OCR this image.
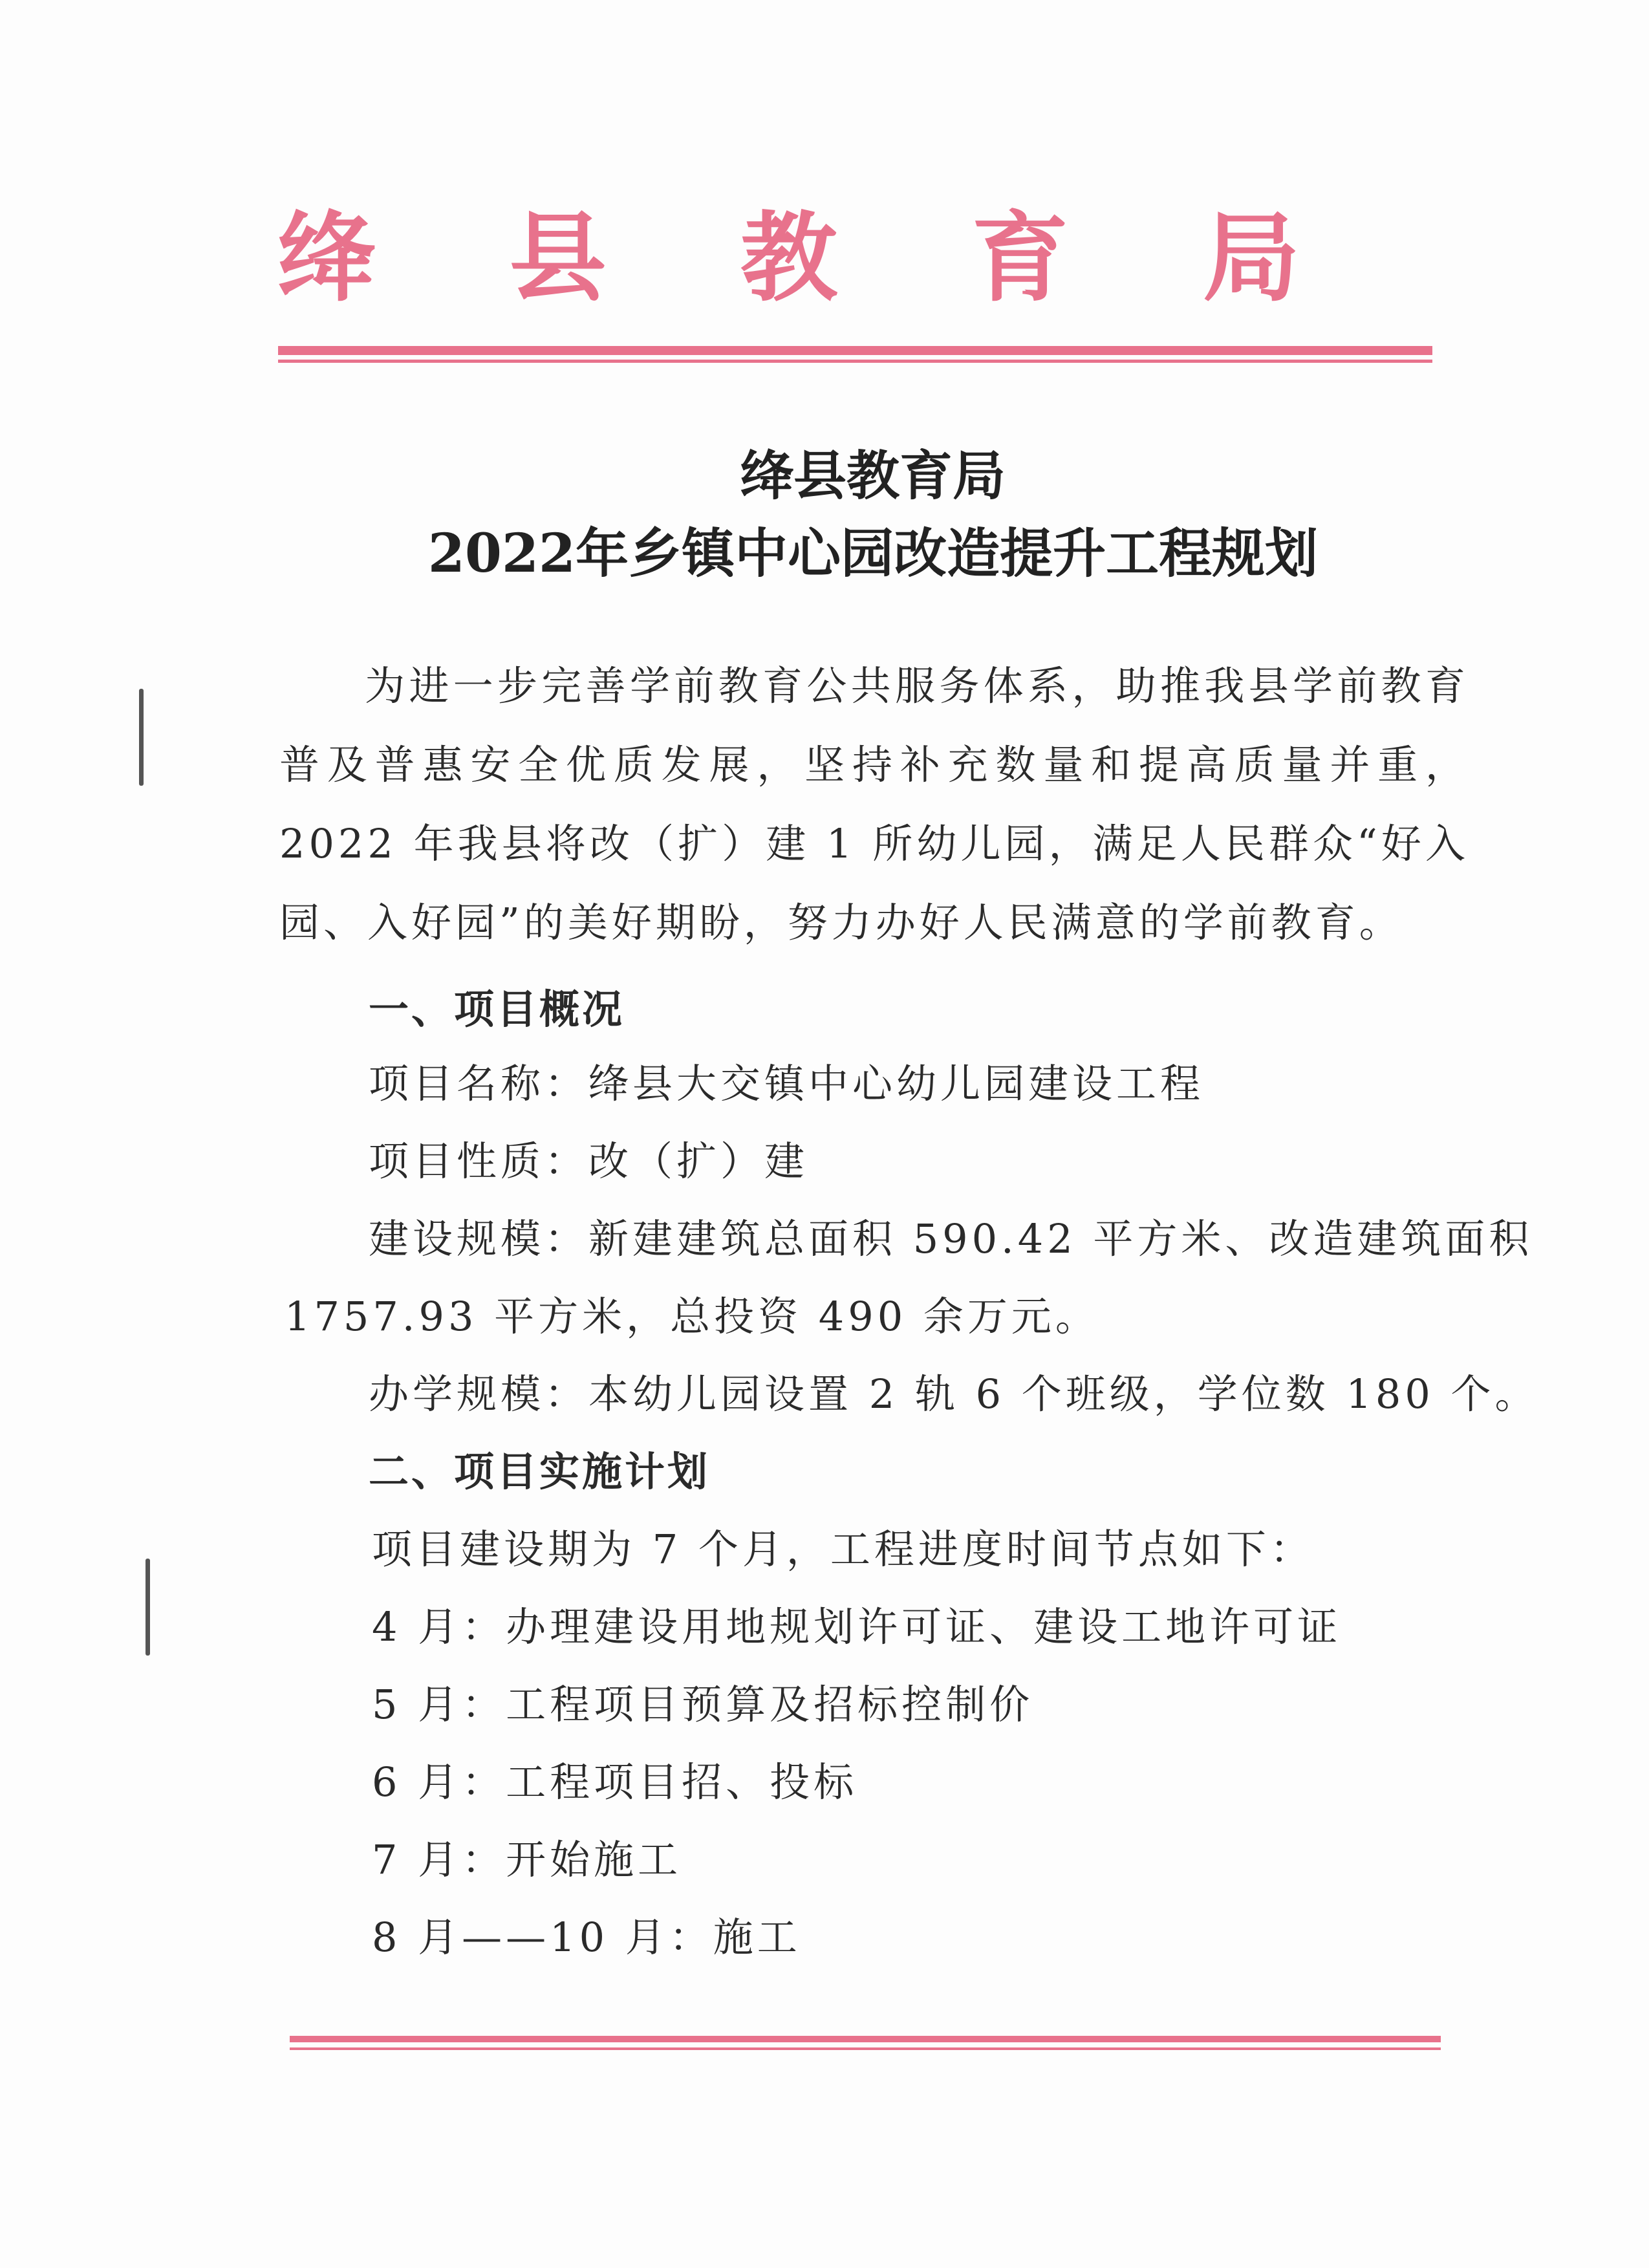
绛 县 教 育 局
绛县教育局
2022年乡镇中心园改造提升工程规划
为进一步完善学前教育公共服务体系，助推我县学前教育普及普惠安全优质发展，坚持补充数量和提高质量并重， 2022 年我县将改（扩）建 1 所幼儿园，满足人民群众“好入园、入好园”的美好期盼，努力办好人民满意的学前教育。
一、项目概况
项目名称：绛县大交镇中心幼儿园建设工程
项目性质：改（扩）建
建设规模：新建建筑总面积 590.42 平方米、改造建筑面积
1757.93 平方米，总投资 490 余万元。
办学规模：本幼儿园设置 2 轨 6 个班级，学位数 180 个。
二、项目实施计划
项目建设期为 7 个月，工程进度时间节点如下：
4 月：办理建设用地规划许可证、建设工地许可证
5 月：工程项目预算及招标控制价
6 月：工程项目招、投标
7 月：开始施工
8 月——10 月：施工
